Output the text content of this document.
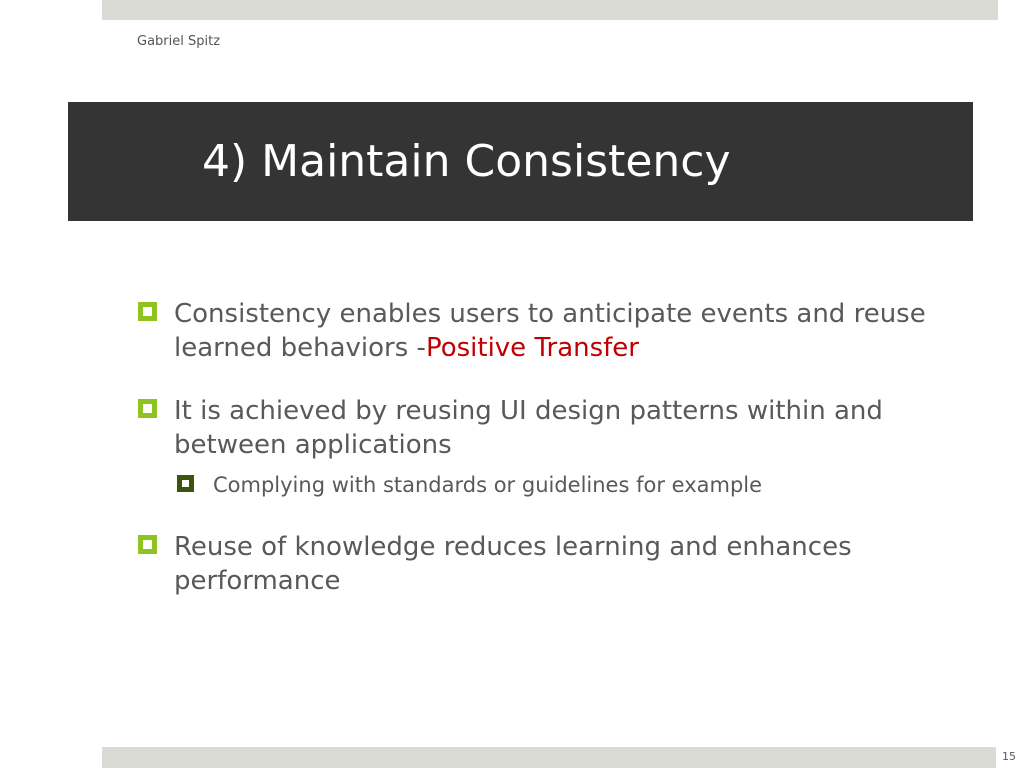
Gabriel Spitz
4) Maintain Consistency
Consistency enables users to anticipate events and reuse learned behaviors -Positive Transfer
It is achieved by reusing UI design patterns within and between applications
Complying with standards or guidelines for example
Reuse of knowledge reduces learning and enhances performance
15
